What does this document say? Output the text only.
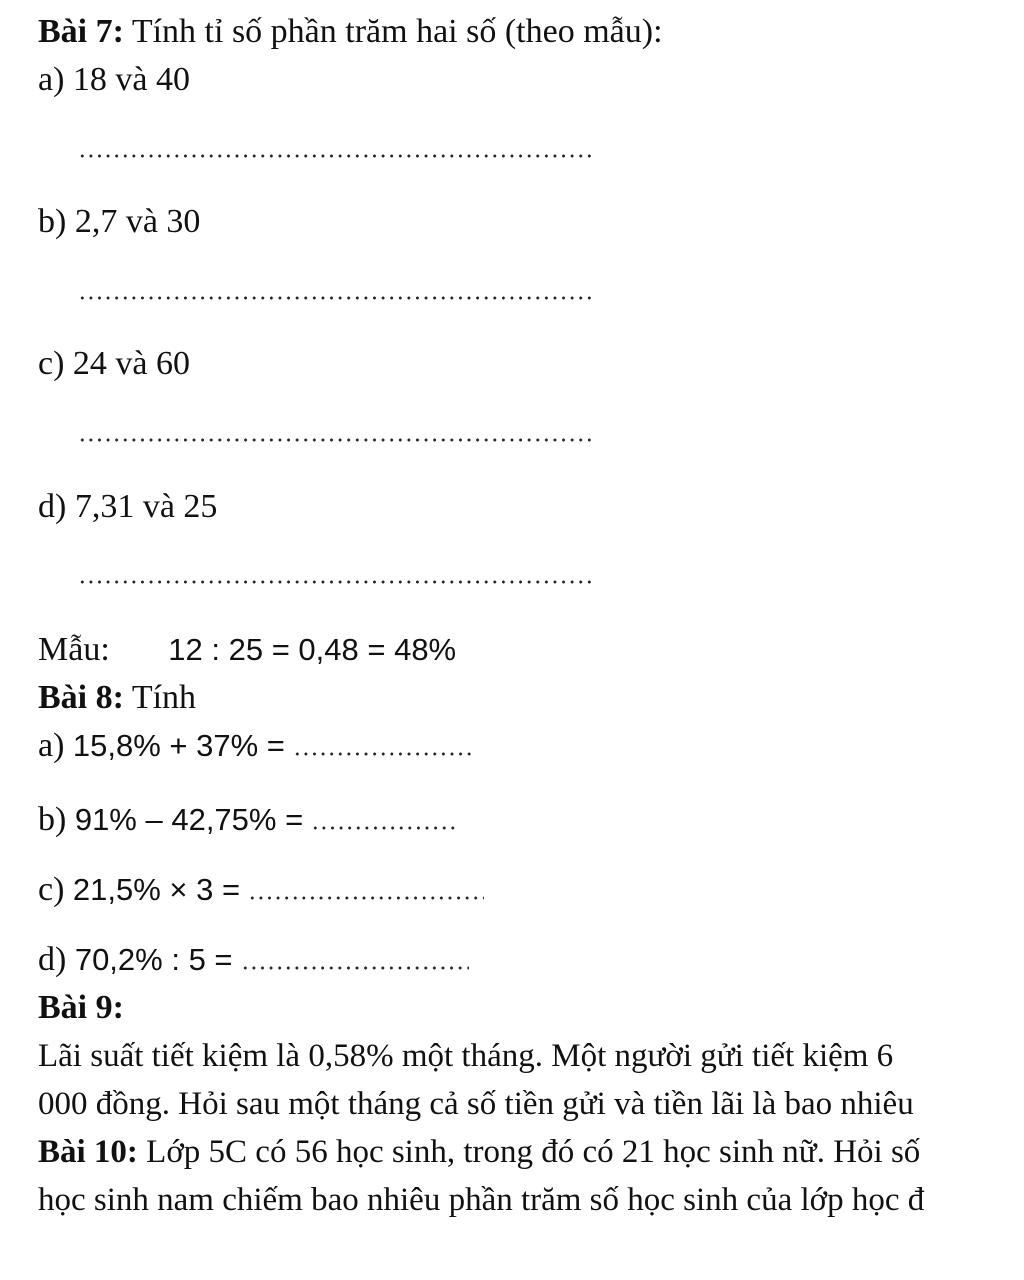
Bài 7: Tính tỉ số phần trăm hai số (theo mẫu):
a) 18 và 40
b) 2,7 và 30
c) 24 và 60
d) 7,31 và 25
Mẫu: 12 : 25 = 0,48 = 48%
Bài 8: Tính
a) 15,8% + 37% =
b) 91% – 42,75% =
c) 21,5% × 3 =
d) 70,2% : 5 =
Bài 9:
Lãi suất tiết kiệm là 0,58% một tháng. Một người gửi tiết kiệm 6
000 đồng. Hỏi sau một tháng cả số tiền gửi và tiền lãi là bao nhiêu
Bài 10: Lớp 5C có 56 học sinh, trong đó có 21 học sinh nữ. Hỏi số
học sinh nam chiếm bao nhiêu phần trăm số học sinh của lớp học đ
